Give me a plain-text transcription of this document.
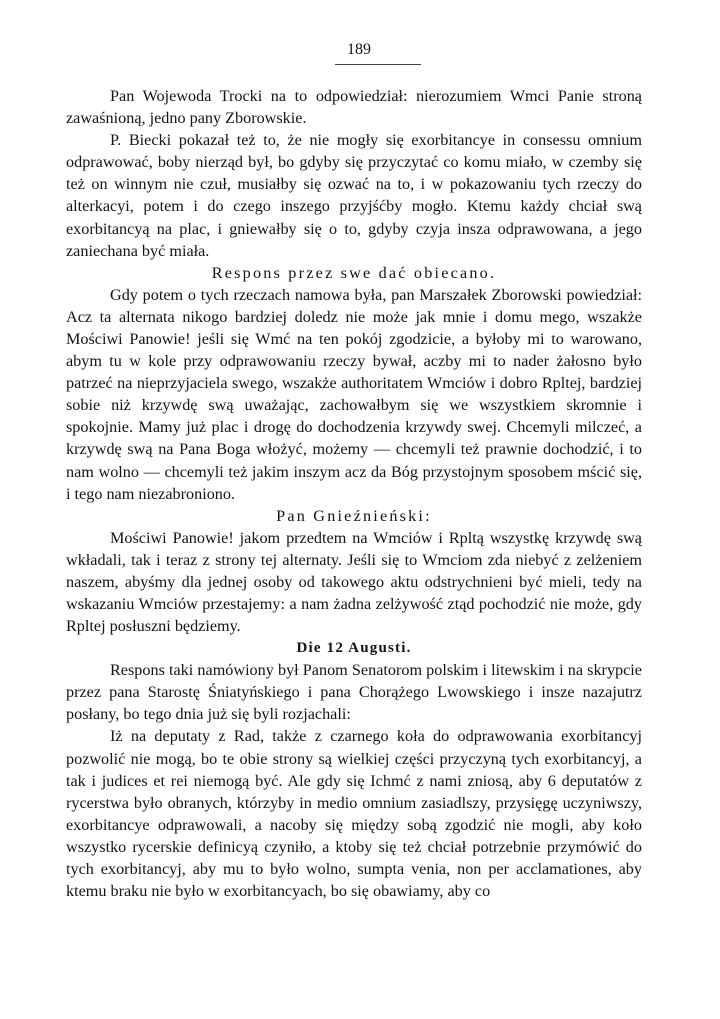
189

Pan Wojewoda Trocki na to odpowiedział: nierozumiem Wmci Panie stroną zawaśnioną, jedno pany Zborowskie.

P. Biecki pokazał też to, że nie mogły się exorbitancye in consessu omnium odprawować, boby nierząd był, bo gdyby się przyczytać co komu miało, w czemby się też on winnym nie czuł, musiałby się ozwać na to, i w pokazowaniu tych rzeczy do alterkacyi, potem i do czego inszego przyjśćby mogło. Ktemu każdy chciał swą exorbitancyą na plac, i gniewałby się o to, gdyby czyja insza odprawowana, a jego zaniechana być miała.

Respons przez swe dać obiecano.

Gdy potem o tych rzeczach namowa była, pan Marszałek Zborowski powiedział: Acz ta alternata nikogo bardziej doledz nie może jak mnie i domu mego, wszakże Mościwi Panowie! jeśli się Wmć na ten pokój zgodzicie, a byłoby mi to warowano, abym tu w kole przy odprawowaniu rzeczy bywał, aczby mi to nader żałosno było patrzeć na nieprzyjaciela swego, wszakże authoritatem Wmciów i dobro Rpltej, bardziej sobie niż krzywdę swą uważając, zachowałbym się we wszystkiem skromnie i spokojnie. Mamy już plac i drogę do dochodzenia krzywdy swej. Chcemyli milczeć, a krzywdę swą na Pana Boga włożyć, możemy — chcemyli też prawnie dochodzić, i to nam wolno — chcemyli też jakim inszym acz da Bóg przystojnym sposobem mścić się, i tego nam niezabroniono.

Pan Gnieźnieński:

Mościwi Panowie! jakom przedtem na Wmciów i Rpltą wszystkę krzywdę swą wkładali, tak i teraz z strony tej alternaty. Jeśli się to Wmciom zda niebyć z zelżeniem naszem, abyśmy dla jednej osoby od takowego aktu odstrychnieni być mieli, tedy na wskazaniu Wmciów przestajemy: a nam żadna zelżywość ztąd pochodzić nie może, gdy Rpltej posłuszni będziemy.

Die 12 Augusti.

Respons taki namówiony był Panom Senatorom polskim i litewskim i na skrypcie przez pana Starostę Śniatyńskiego i pana Chorążego Lwowskiego i insze nazajutrz posłany, bo tego dnia już się byli rozjachali:

Iż na deputaty z Rad, także z czarnego koła do odprawowania exorbitancyj pozwolić nie mogą, bo te obie strony są wielkiej części przyczyną tych exorbitancyj, a tak i judices et rei niemogą być. Ale gdy się Ichmć z nami zniosą, aby 6 deputatów z rycerstwa było obranych, którzyby in medio omnium zasiadlszy, przysięgę uczyniwszy, exorbitancye odprawowali, a nacoby się między sobą zgodzić nie mogli, aby koło wszystko rycerskie definicyą czyniło, a ktoby się też chciał potrzebnie przymówić do tych exorbitancyj, aby mu to było wolno, sumpta venia, non per acclamationes, aby ktemu braku nie było w exorbitancyach, bo się obawiamy, aby co
